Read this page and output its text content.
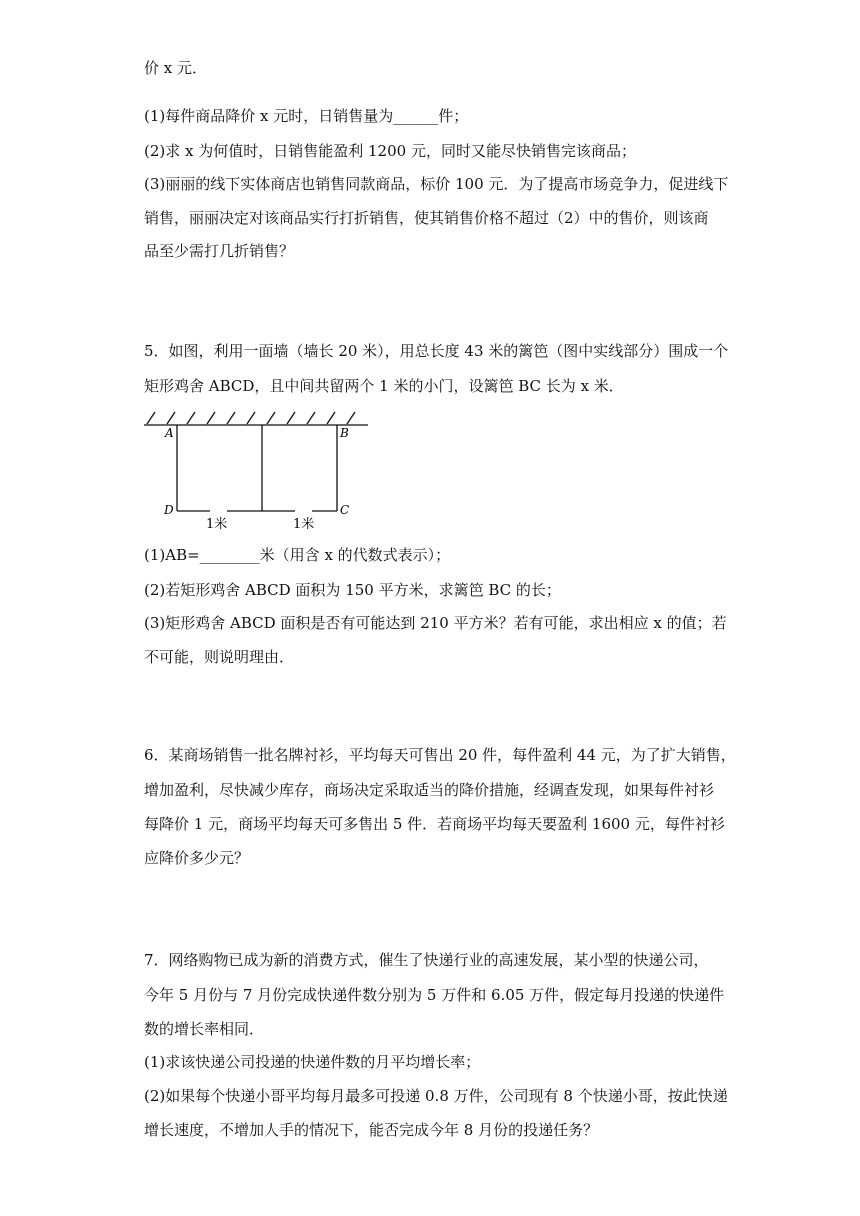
价 x 元．
(1)每件商品降价 x 元时，日销售量为______件；
(2)求 x 为何值时，日销售能盈利 1200 元，同时又能尽快销售完该商品；
(3)丽丽的线下实体商店也销售同款商品，标价 100 元．为了提高市场竞争力，促进线下
销售，丽丽决定对该商品实行打折销售，使其销售价格不超过（2）中的售价，则该商
品至少需打几折销售？
5．如图，利用一面墙（墙长 20 米），用总长度 43 米的篱笆（图中实线部分）围成一个
矩形鸡舍 ABCD，且中间共留两个 1 米的小门，设篱笆 BC 长为 x 米．
A	B
D	C
1米	1米
(1)AB=________米（用含 x 的代数式表示）；
(2)若矩形鸡舍 ABCD 面积为 150 平方米，求篱笆 BC 的长；
(3)矩形鸡舍 ABCD 面积是否有可能达到 210 平方米？若有可能，求出相应 x 的值；若
不可能，则说明理由．
6．某商场销售一批名牌衬衫，平均每天可售出 20 件，每件盈利 44 元，为了扩大销售，
增加盈利，尽快减少库存，商场决定采取适当的降价措施，经调查发现，如果每件衬衫
每降价 1 元，商场平均每天可多售出 5 件．若商场平均每天要盈利 1600 元，每件衬衫
应降价多少元？
7．网络购物已成为新的消费方式，催生了快递行业的高速发展，某小型的快递公司，
今年 5 月份与 7 月份完成快递件数分别为 5 万件和 6.05 万件，假定每月投递的快递件
数的增长率相同．
(1)求该快递公司投递的快递件数的月平均增长率；
(2)如果每个快递小哥平均每月最多可投递 0.8 万件，公司现有 8 个快递小哥，按此快递
增长速度，不增加人手的情况下，能否完成今年 8 月份的投递任务？
